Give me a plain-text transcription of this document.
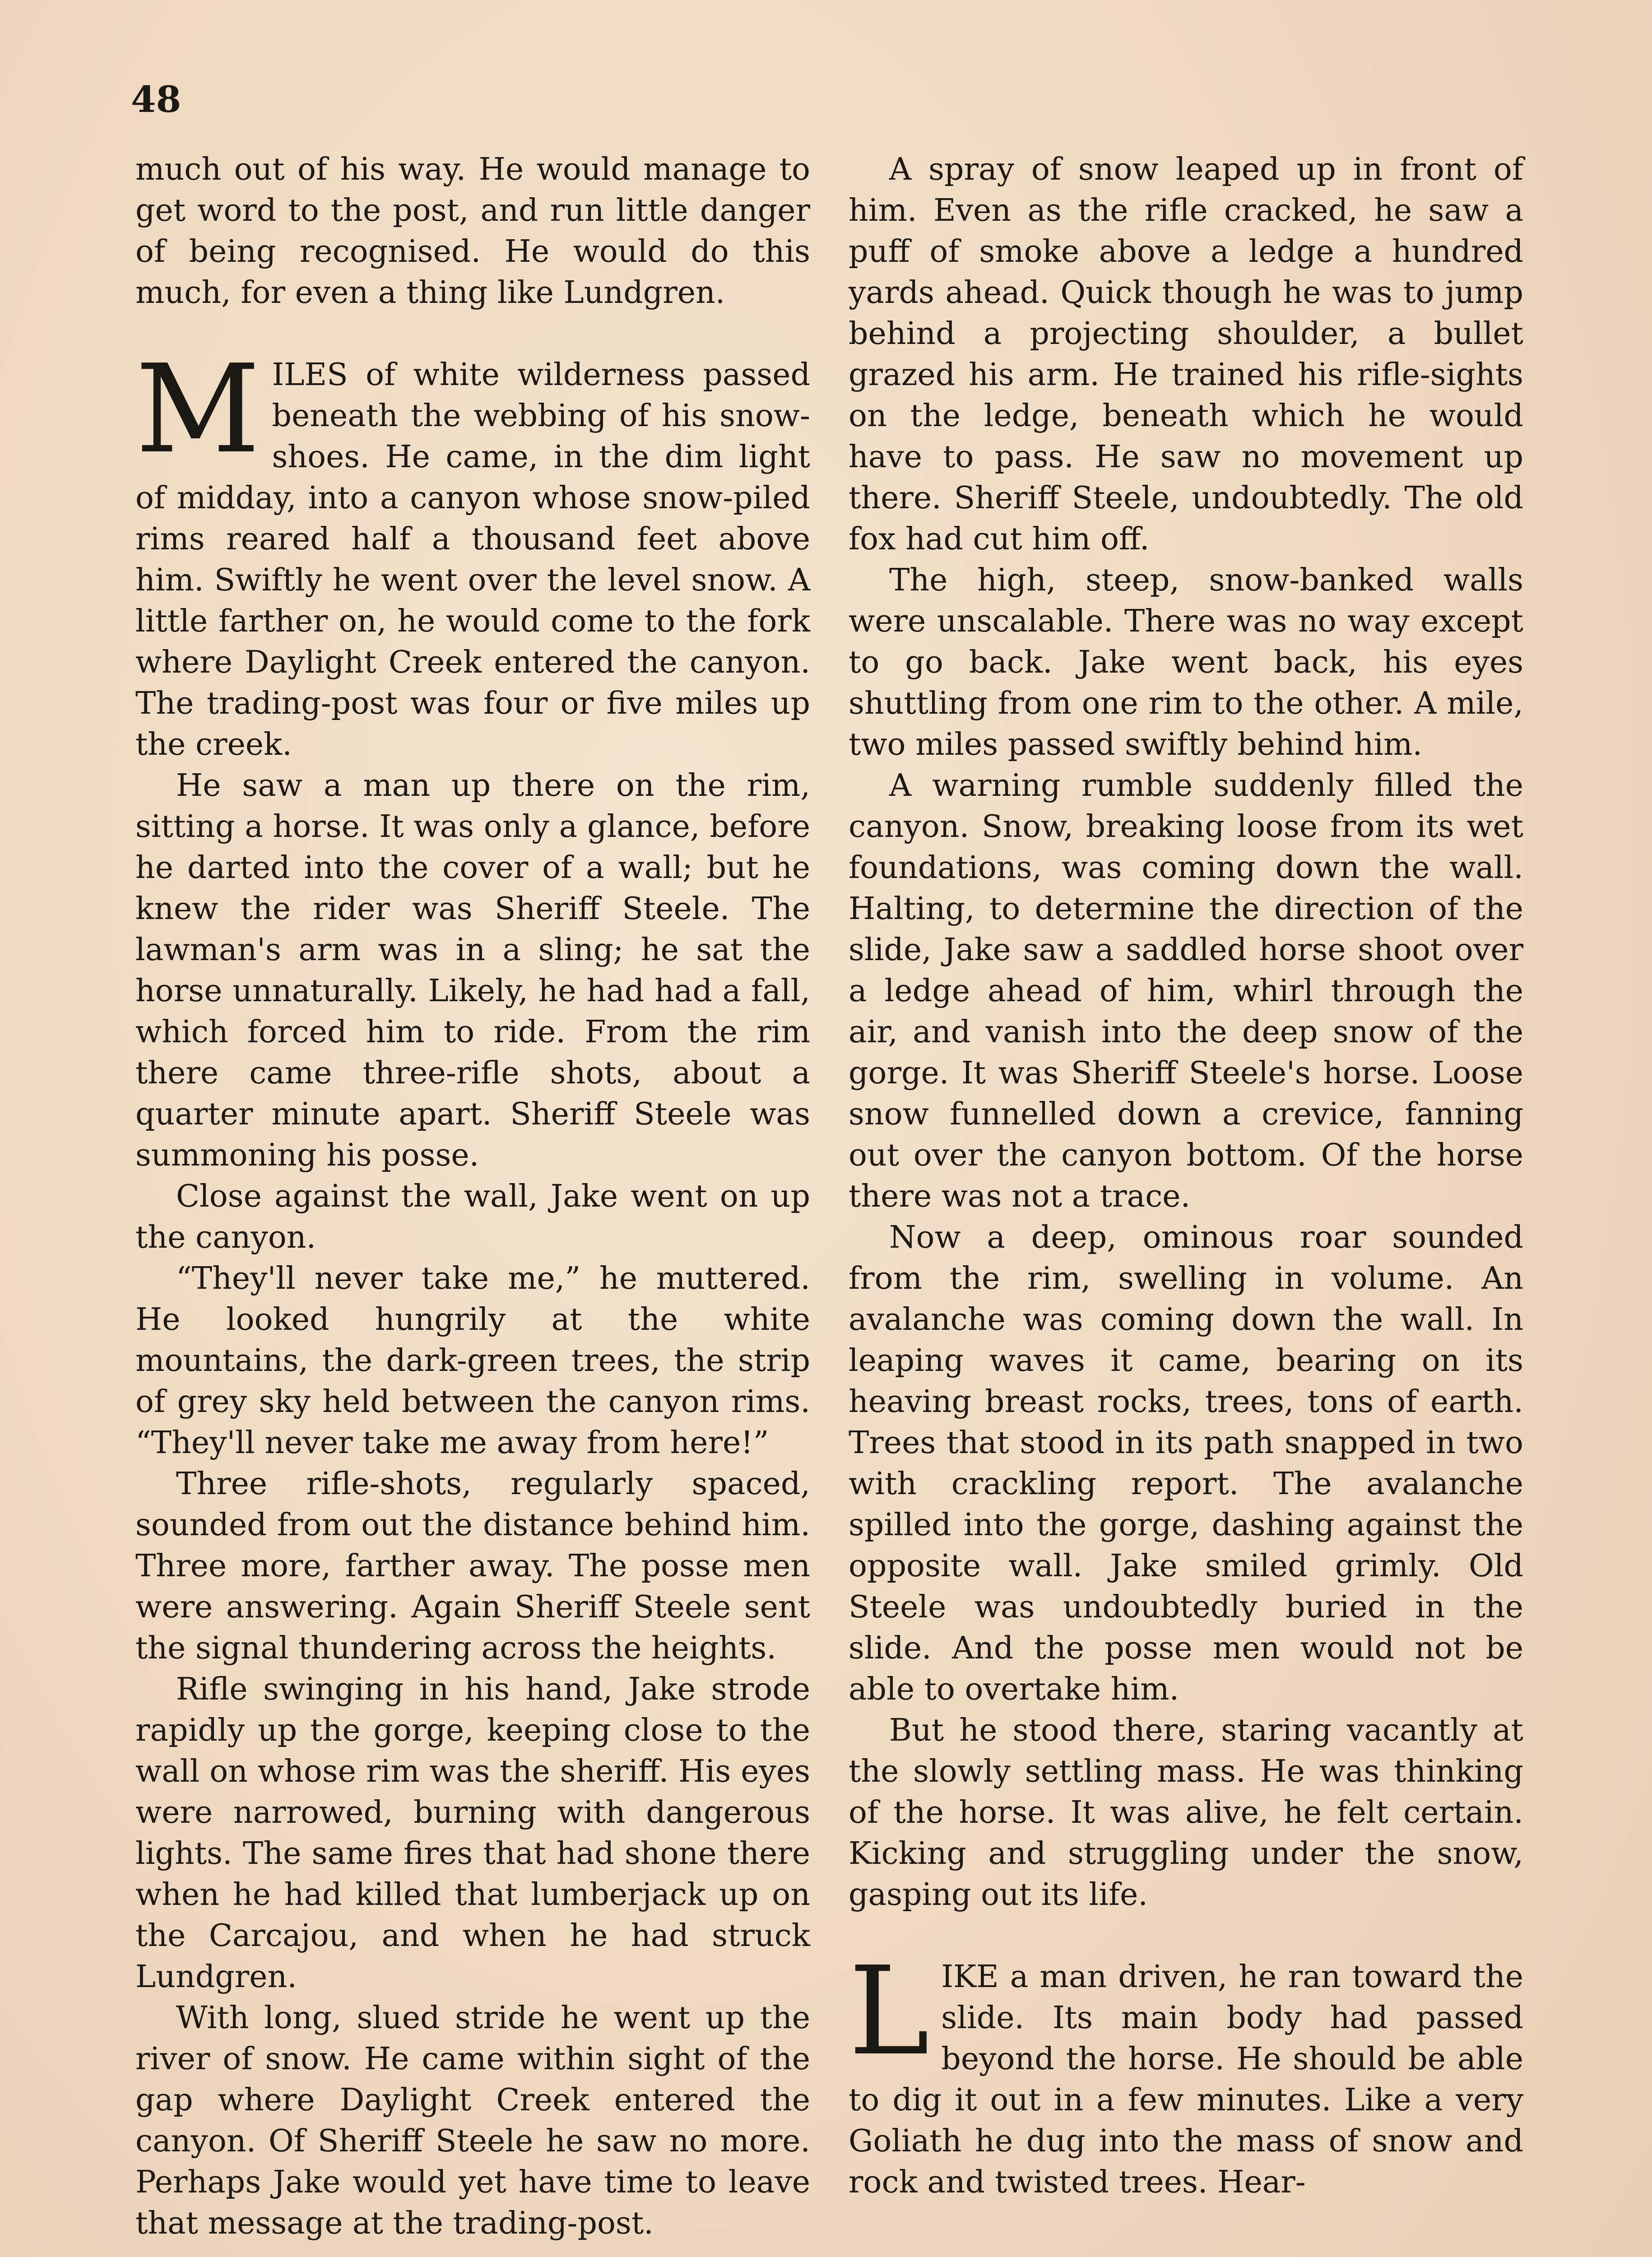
48

much out of his way. He would manage to get word to the post, and run little danger of being recognised. He would do this much, for even a thing like Lundgren.

MILES of white wilderness passed beneath the webbing of his snow-shoes. He came, in the dim light of midday, into a canyon whose snow-piled rims reared half a thousand feet above him. Swiftly he went over the level snow. A little farther on, he would come to the fork where Daylight Creek entered the canyon. The trading-post was four or five miles up the creek.

He saw a man up there on the rim, sitting a horse. It was only a glance, before he darted into the cover of a wall; but he knew the rider was Sheriff Steele. The lawman's arm was in a sling; he sat the horse unnaturally. Likely, he had had a fall, which forced him to ride. From the rim there came three-rifle shots, about a quarter minute apart. Sheriff Steele was summoning his posse.

Close against the wall, Jake went on up the canyon.

“They'll never take me,” he muttered. He looked hungrily at the white mountains, the dark-green trees, the strip of grey sky held between the canyon rims. “They'll never take me away from here!”

Three rifle-shots, regularly spaced, sounded from out the distance behind him. Three more, farther away. The posse men were answering. Again Sheriff Steele sent the signal thundering across the heights.

Rifle swinging in his hand, Jake strode rapidly up the gorge, keeping close to the wall on whose rim was the sheriff. His eyes were narrowed, burning with dangerous lights. The same fires that had shone there when he had killed that lumberjack up on the Carcajou, and when he had struck Lundgren.

With long, slued stride he went up the river of snow. He came within sight of the gap where Daylight Creek entered the canyon. Of Sheriff Steele he saw no more. Perhaps Jake would yet have time to leave that message at the trading-post.

A spray of snow leaped up in front of him. Even as the rifle cracked, he saw a puff of smoke above a ledge a hundred yards ahead. Quick though he was to jump behind a projecting shoulder, a bullet grazed his arm. He trained his rifle-sights on the ledge, beneath which he would have to pass. He saw no movement up there. Sheriff Steele, undoubtedly. The old fox had cut him off.

The high, steep, snow-banked walls were unscalable. There was no way except to go back. Jake went back, his eyes shuttling from one rim to the other. A mile, two miles passed swiftly behind him.

A warning rumble suddenly filled the canyon. Snow, breaking loose from its wet foundations, was coming down the wall. Halting, to determine the direction of the slide, Jake saw a saddled horse shoot over a ledge ahead of him, whirl through the air, and vanish into the deep snow of the gorge. It was Sheriff Steele's horse. Loose snow funnelled down a crevice, fanning out over the canyon bottom. Of the horse there was not a trace.

Now a deep, ominous roar sounded from the rim, swelling in volume. An avalanche was coming down the wall. In leaping waves it came, bearing on its heaving breast rocks, trees, tons of earth. Trees that stood in its path snapped in two with crackling report. The avalanche spilled into the gorge, dashing against the opposite wall. Jake smiled grimly. Old Steele was undoubtedly buried in the slide. And the posse men would not be able to overtake him.

But he stood there, staring vacantly at the slowly settling mass. He was thinking of the horse. It was alive, he felt certain. Kicking and struggling under the snow, gasping out its life.

LIKE a man driven, he ran toward the slide. Its main body had passed beyond the horse. He should be able to dig it out in a few minutes. Like a very Goliath he dug into the mass of snow and rock and twisted trees. Hear-
